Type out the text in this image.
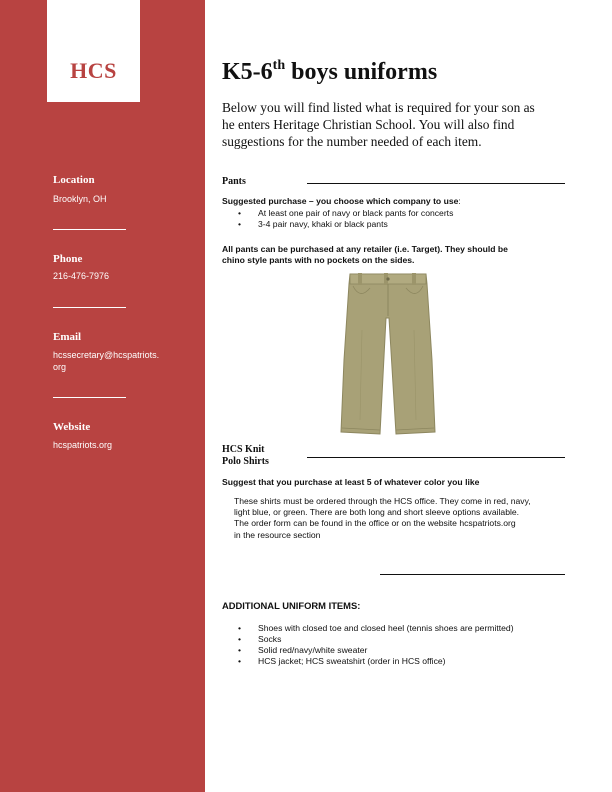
HCS
Location
Brooklyn, OH
Phone
216-476-7976
Email
hcssecretary@hcspatriots.
org
Website
hcspatriots.org
K5-6th boys uniforms
Below you will find listed what is required for your son as
he enters Heritage Christian School. You will also find
suggestions for the number needed of each item.
Pants
Suggested purchase – you choose which company to use:
• At least one pair of navy or black pants for concerts
• 3-4 pair navy, khaki or black pants
All pants can be purchased at any retailer (i.e. Target). They should be
chino style pants with no pockets on the sides.
HCS Knit
Polo Shirts
Suggest that you purchase at least 5 of whatever color you like
These shirts must be ordered through the HCS office. They come in red, navy,
light blue, or green. There are both long and short sleeve options available.
The order form can be found in the office or on the website hcspatriots.org
in the resource section
ADDITIONAL UNIFORM ITEMS:
• Shoes with closed toe and closed heel (tennis shoes are permitted)
• Socks
• Solid red/navy/white sweater
• HCS jacket; HCS sweatshirt (order in HCS office)
